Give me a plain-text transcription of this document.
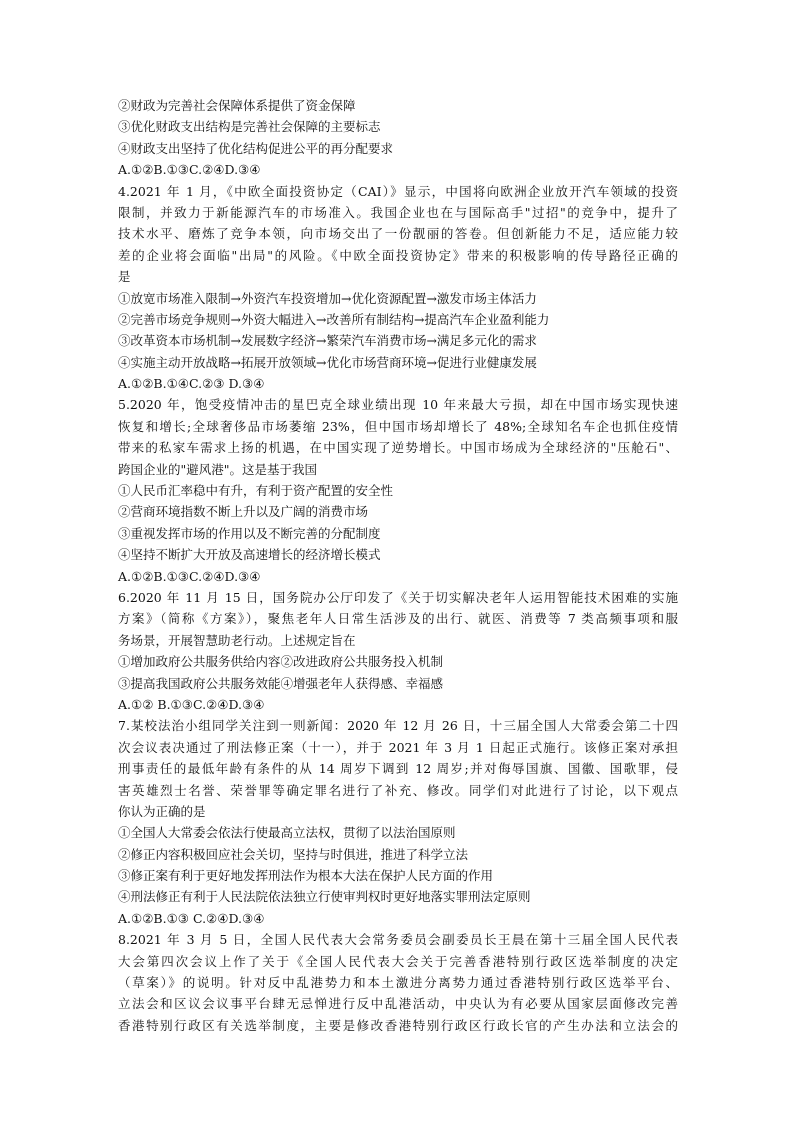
②财政为完善社会保障体系提供了资金保障
③优化财政支出结构是完善社会保障的主要标志
④财政支出坚持了优化结构促进公平的再分配要求
A.①②B.①③C.②④D.③④
4.2021 年 1 月，《中欧全面投资协定（CAI）》显示，中国将向欧洲企业放开汽车领域的投资
限制，并致力于新能源汽车的市场准入。我国企业也在与国际高手"过招"的竞争中，提升了
技术水平、磨炼了竞争本领，向市场交出了一份靓丽的答卷。但创新能力不足，适应能力较
差的企业将会面临"出局"的风险。《中欧全面投资协定》带来的积极影响的传导路径正确的
是
①放宽市场准入限制→外资汽车投资增加→优化资源配置→激发市场主体活力
②完善市场竞争规则→外资大幅进入→改善所有制结构→提高汽车企业盈利能力
③改革资本市场机制→发展数字经济→繁荣汽车消费市场→满足多元化的需求
④实施主动开放战略→拓展开放领域→优化市场营商环境→促进行业健康发展
A.①②B.①④C.②③ D.③④
5.2020 年，饱受疫情冲击的星巴克全球业绩出现 10 年来最大亏损，却在中国市场实现快速
恢复和增长;全球奢侈品市场萎缩 23%，但中国市场却增长了 48%;全球知名车企也抓住疫情
带来的私家车需求上扬的机遇，在中国实现了逆势增长。中国市场成为全球经济的"压舱石"、
跨国企业的"避风港"。这是基于我国
①人民币汇率稳中有升，有利于资产配置的安全性
②营商环境指数不断上升以及广阔的消费市场
③重视发挥市场的作用以及不断完善的分配制度
④坚持不断扩大开放及高速增长的经济增长模式
A.①②B.①③C.②④D.③④
6.2020 年 11 月 15 日，国务院办公厅印发了《关于切实解决老年人运用智能技术困难的实施
方案》（简称《方案》），聚焦老年人日常生活涉及的出行、就医、消费等 7 类高频事项和服
务场景，开展智慧助老行动。上述规定旨在
①增加政府公共服务供给内容②改进政府公共服务投入机制
③提高我国政府公共服务效能④增强老年人获得感、幸福感
A.①② B.①③C.②④D.③④
7.某校法治小组同学关注到一则新闻：2020 年 12 月 26 日，十三届全国人大常委会第二十四
次会议表决通过了刑法修正案（十一），并于 2021 年 3 月 1 日起正式施行。该修正案对承担
刑事责任的最低年龄有条件的从 14 周岁下调到 12 周岁;并对侮辱国旗、国徽、国歌罪，侵
害英雄烈士名誉、荣誉罪等确定罪名进行了补充、修改。同学们对此进行了讨论，以下观点
你认为正确的是
①全国人大常委会依法行使最高立法权，贯彻了以法治国原则
②修正内容积极回应社会关切，坚持与时俱进，推进了科学立法
③修正案有利于更好地发挥刑法作为根本大法在保护人民方面的作用
④刑法修正有利于人民法院依法独立行使审判权时更好地落实罪刑法定原则
A.①②B.①③ C.②④D.③④
8.2021 年 3 月 5 日，全国人民代表大会常务委员会副委员长王晨在第十三届全国人民代表
大会第四次会议上作了关于《全国人民代表大会关于完善香港特别行政区选举制度的决定
（草案）》的说明。针对反中乱港势力和本土激进分离势力通过香港特别行政区选举平台、
立法会和区议会议事平台肆无忌惮进行反中乱港活动，中央认为有必要从国家层面修改完善
香港特别行政区有关选举制度，主要是修改香港特别行政区行政长官的产生办法和立法会的
